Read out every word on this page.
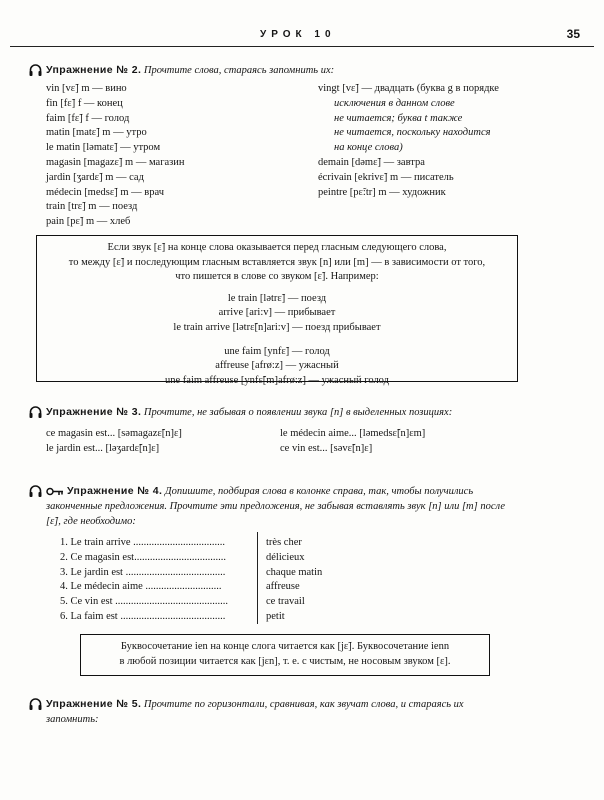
УРОК 10	35
Упражнение № 2. Прочтите слова, стараясь запомнить их:
vin [vɛ̃] m — вино
fin [fɛ̃] f — конец
faim [fɛ̃] f — голод
matin [matɛ̃] m — утро
le matin [ləmatɛ̃] — утром
magasin [magazɛ̃] m — магазин
jardin [ʒardɛ̃] m — сад
médecin [medsɛ̃] m — врач
train [trɛ̃] m — поезд
pain [pɛ̃] m — хлеб
vingt [vɛ̃] — двадцать (буква g в порядке
исключения в данном слове
не читается; буква t также
не читается, поскольку находится
на конце слова)
demain [dəmɛ̃] — завтра
écrivain [ekrivɛ̃] m — писатель
peintre [pɛ̃:tr] m — художник

Если звук [ɛ̃] на конце слова оказывается перед гласным следующего слова,

то между [ɛ̃] и последующим гласным вставляется звук [n] или [m] — в зависимости от того,

что пишется в слове со звуком [ɛ̃]. Например:

le train [lətrɛ̃] — поезд

arrive [ari:v] — прибывает

le train arrive [lətrɛ̃[n]ari:v] — поезд прибывает

une faim [ynfɛ̃] — голод

affreuse [afrø:z] — ужасный

une faim affreuse [ynfɛ̃[m]afrø:z] — ужасный голод

Упражнение № 3. Прочтите, не забывая о появлении звука [n] в выделенных позициях:
ce magasin est... [səmagazɛ̃[n]ɛ]
le jardin est... [ləʒardɛ̃[n]ɛ]
le médecin aime... [ləmedsɛ̃[n]ɛm]
ce vin est... [səvɛ̃[n]ɛ]
Упражнение № 4. Допишите, подбирая слова в колонке справа, так, чтобы получились
законченные предложения. Прочтите эти предложения, не забывая вставлять звук [n] или [m] после
[ɛ̃], где необходимо:
1. Le train arrive ...................................
2. Ce magasin est...................................
3. Le jardin est ......................................
4. Le médecin aime .............................
5. Ce vin est ...........................................
6. La faim est ........................................
très cher
délicieux
chaque matin
affreuse
ce travail
petit

Буквосочетание ien на конце слога читается как [jɛ̃]. Буквосочетание ienn

в любой позиции читается как [jɛn], т. е. с чистым, не носовым звуком [ɛ].

Упражнение № 5. Прочтите по горизонтали, сравнивая, как звучат слова, и стараясь их
запомнить:
